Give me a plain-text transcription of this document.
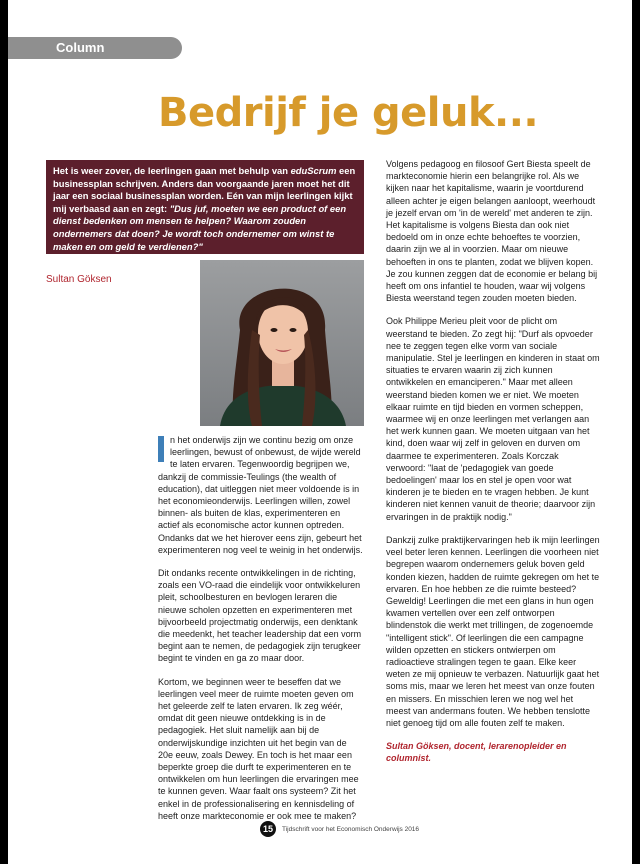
Column
Bedrijf je geluk...
Het is weer zover, de leerlingen gaan met behulp van eduScrum een businessplan schrijven. Anders dan voorgaande jaren moet het dit jaar een sociaal businessplan worden. Eén van mijn leerlingen kijkt mij verbaasd aan en zegt: "Dus juf, moeten we een product of een dienst bedenken om mensen te helpen? Waarom zouden ondernemers dat doen? Je wordt toch ondernemer om winst te maken en om geld te verdienen?"
Sultan Göksen

n het onderwijs zijn we continu bezig om onze leerlingen, bewust of onbewust, de wijde wereld te laten ervaren. Tegenwoordig begrijpen we, dankzij de commissie-Teulings (the wealth of education), dat uitleggen niet meer voldoende is in het economieonderwijs. Leerlingen willen, zowel binnen- als buiten de klas, experimenteren en actief als economische actor kunnen optreden. Ondanks dat we het hierover eens zijn, gebeurt het experimenteren nog veel te weinig in het onderwijs.

Dit ondanks recente ontwikkelingen in de richting, zoals een VO-raad die eindelijk voor ontwikkeluren pleit, schoolbesturen en bevlogen leraren die nieuwe scholen opzetten en experimenteren met bijvoorbeeld projectmatig onderwijs, een denktank die meedenkt, het teacher leadership dat een vorm begint aan te nemen, de pedagogiek zijn terugkeer begint te vinden en ga zo maar door.

Kortom, we beginnen weer te beseffen dat we leerlingen veel meer de ruimte moeten geven om het geleerde zelf te laten ervaren. Ik zeg wéér, omdat dit geen nieuwe ontdekking is in de pedagogiek. Het sluit namelijk aan bij de onderwijskundige inzichten uit het begin van de 20e eeuw, zoals Dewey. En toch is het maar een beperkte groep die durft te experimenteren en te ontwikkelen om hun leerlingen die ervaringen mee te kunnen geven. Waar faalt ons systeem? Zit het enkel in de professionalisering en kennisdeling of heeft onze markteconomie er ook mee te maken?

Volgens pedagoog en filosoof Gert Biesta speelt de markteconomie hierin een belangrijke rol. Als we kijken naar het kapitalisme, waarin je voortdurend alleen achter je eigen belangen aanloopt, weerhoudt je jezelf ervan om 'in de wereld' met anderen te zijn. Het kapitalisme is volgens Biesta dan ook niet bedoeld om in onze echte behoeftes te voorzien, daarin zijn we al in voorzien. Maar om nieuwe behoeften in ons te planten, zodat we blijven kopen. Je zou kunnen zeggen dat de economie er belang bij heeft om ons infantiel te houden, waar wij volgens Biesta weerstand tegen zouden moeten bieden.

Ook Philippe Merieu pleit voor de plicht om weerstand te bieden. Zo zegt hij: "Durf als opvoeder nee te zeggen tegen elke vorm van sociale manipulatie. Stel je leerlingen en kinderen in staat om situaties te ervaren waarin zij zich kunnen ontwikkelen en emanciperen." Maar met alleen weerstand bieden komen we er niet. We moeten elkaar ruimte en tijd bieden en vormen scheppen, waarmee wij en onze leerlingen met verlangen aan het werk kunnen gaan. We moeten uitgaan van het kind, doen waar wij zelf in geloven en durven om daarmee te experimenteren. Zoals Korczak verwoord: "laat de 'pedagogiek van goede bedoelingen' maar los en stel je open voor wat kinderen je te bieden en te vragen hebben. Je kunt kinderen niet kennen vanuit de theorie; daarvoor zijn ervaringen in de praktijk nodig."

Dankzij zulke praktijkervaringen heb ik mijn leerlingen veel beter leren kennen. Leerlingen die voorheen niet begrepen waarom ondernemers geluk boven geld konden kiezen, hadden de ruimte gekregen om het te ervaren. En hoe hebben ze die ruimte besteed? Geweldig! Leerlingen die met een glans in hun ogen kwamen vertellen over een zelf ontworpen blindenstok die werkt met trillingen, de zogenoemde "intelligent stick". Of leerlingen die een campagne wilden opzetten en stickers ontwierpen om radioactieve stralingen tegen te gaan. Elke keer weten ze mij opnieuw te verbazen. Natuurlijk gaat het soms mis, maar we leren het meest van onze fouten en missers. En misschien leren we nog wel het meest van andermans fouten. We hebben tenslotte niet genoeg tijd om alle fouten zelf te maken.

Sultan Göksen, docent, lerarenopleider en columnist.

15	Tijdschrift voor het Economisch Onderwijs 2016
